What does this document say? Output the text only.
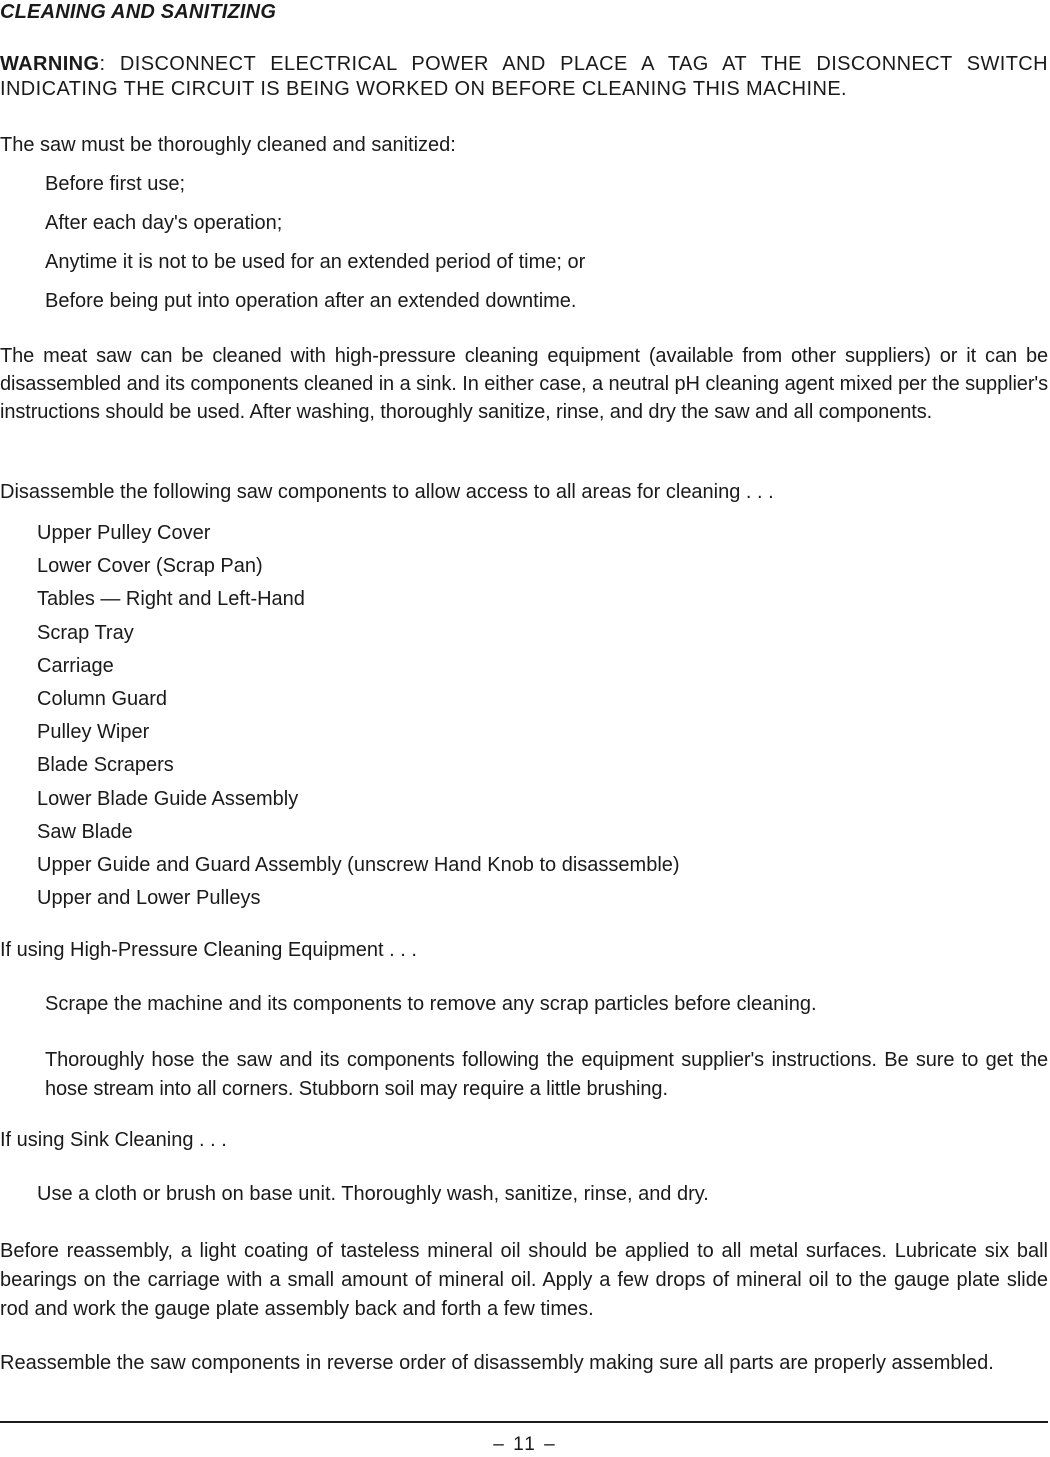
CLEANING AND SANITIZING

WARNING: DISCONNECT ELECTRICAL POWER AND PLACE A TAG AT THE DISCONNECT SWITCH INDICATING THE CIRCUIT IS BEING WORKED ON BEFORE CLEANING THIS MACHINE.

The saw must be thoroughly cleaned and sanitized:

Before first use;
After each day's operation;
Anytime it is not to be used for an extended period of time; or
Before being put into operation after an extended downtime.

The meat saw can be cleaned with high-pressure cleaning equipment (available from other suppliers) or it can be disassembled and its components cleaned in a sink. In either case, a neutral pH cleaning agent mixed per the supplier's instructions should be used. After washing, thoroughly sanitize, rinse, and dry the saw and all components.

Disassemble the following saw components to allow access to all areas for cleaning . . .

Upper Pulley Cover
Lower Cover (Scrap Pan)
Tables — Right and Left-Hand
Scrap Tray
Carriage
Column Guard
Pulley Wiper
Blade Scrapers
Lower Blade Guide Assembly
Saw Blade
Upper Guide and Guard Assembly (unscrew Hand Knob to disassemble)
Upper and Lower Pulleys

If using High-Pressure Cleaning Equipment . . .

Scrape the machine and its components to remove any scrap particles before cleaning.

Thoroughly hose the saw and its components following the equipment supplier's instructions. Be sure to get the hose stream into all corners. Stubborn soil may require a little brushing.

If using Sink Cleaning . . .

Use a cloth or brush on base unit. Thoroughly wash, sanitize, rinse, and dry.

Before reassembly, a light coating of tasteless mineral oil should be applied to all metal surfaces. Lubricate six ball bearings on the carriage with a small amount of mineral oil. Apply a few drops of mineral oil to the gauge plate slide rod and work the gauge plate assembly back and forth a few times.

Reassemble the saw components in reverse order of disassembly making sure all parts are properly assembled.

– 11 –
